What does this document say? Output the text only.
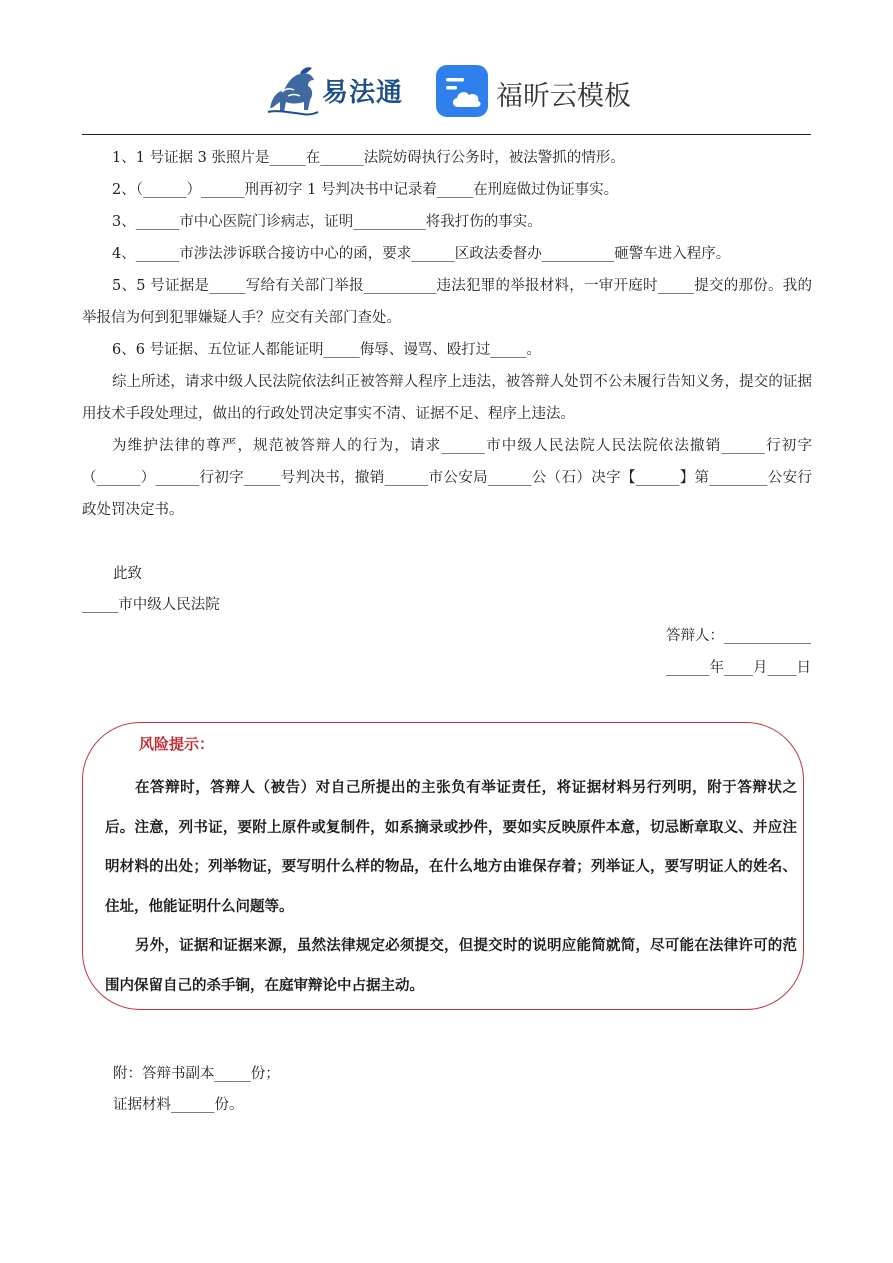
易法通	福昕云模板

1、1 号证据 3 张照片是_____在______法院妨碍执行公务时，被法警抓的情形。

2、（______）______刑再初字 1 号判决书中记录着_____在刑庭做过伪证事实。

3、______市中心医院门诊病志，证明__________将我打伤的事实。

4、______市涉法涉诉联合接访中心的函，要求______区政法委督办__________砸警车进入程序。

5、5 号证据是_____写给有关部门举报__________违法犯罪的举报材料，一审开庭时_____提交的那份。我的举报信为何到犯罪嫌疑人手？应交有关部门查处。

6、6 号证据、五位证人都能证明_____侮辱、谩骂、殴打过_____。

综上所述，请求中级人民法院依法纠正被答辩人程序上违法，被答辩人处罚不公未履行告知义务，提交的证据用技术手段处理过，做出的行政处罚决定事实不清、证据不足、程序上违法。

为维护法律的尊严，规范被答辩人的行为，请求______市中级人民法院人民法院依法撤销______行初字（______）______行初字_____号判决书，撤销______市公安局______公（石）决字【______】第________公安行政处罚决定书。

此致
_____市中级人民法院
答辩人：____________
______年____月____日
风险提示：

在答辩时，答辩人（被告）对自己所提出的主张负有举证责任，将证据材料另行列明，附于答辩状之后。注意，列书证，要附上原件或复制件，如系摘录或抄件，要如实反映原件本意，切忌断章取义、并应注明材料的出处；列举物证，要写明什么样的物品，在什么地方由谁保存着；列举证人，要写明证人的姓名、住址，他能证明什么问题等。

另外，证据和证据来源，虽然法律规定必须提交，但提交时的说明应能简就简，尽可能在法律许可的范围内保留自己的杀手锏，在庭审辩论中占据主动。

附：答辩书副本_____份；
证据材料______份。
